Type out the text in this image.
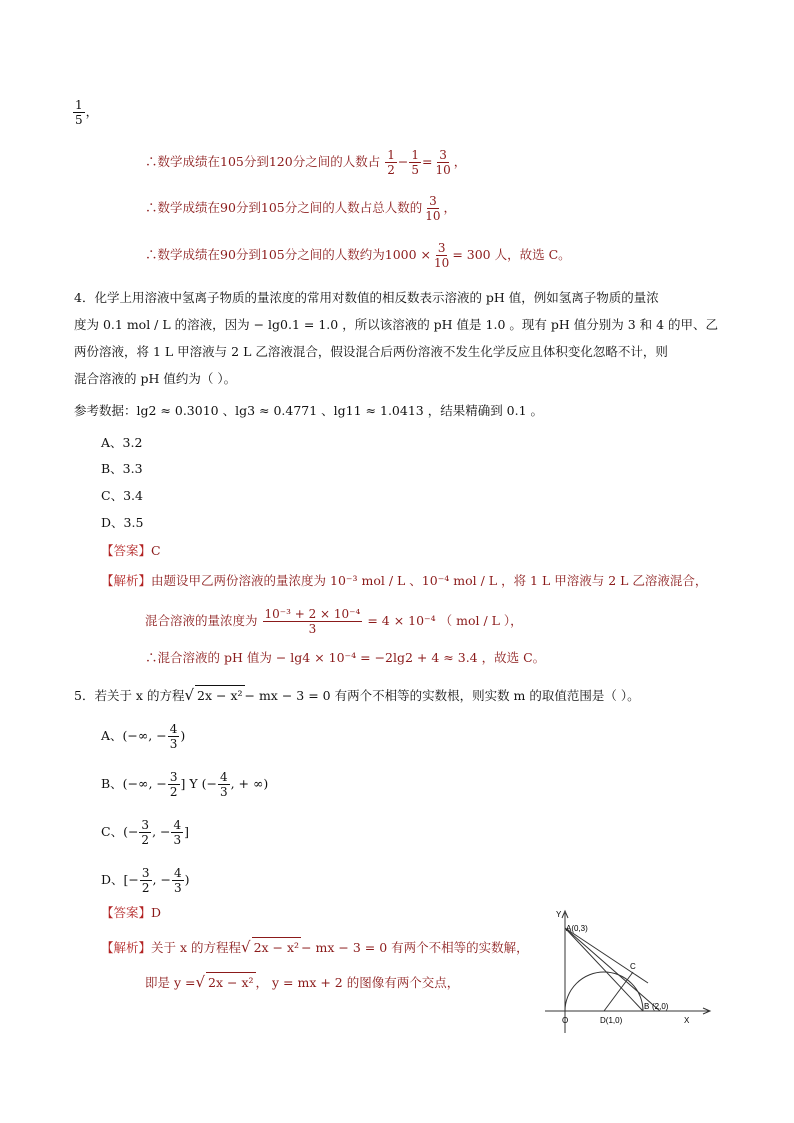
$\frac{1}{5}$ ，
∴数学成绩在105分到120分之间的人数占 $\frac{1}{2} - \frac{1}{5} = \frac{3}{10}$ ，
∴数学成绩在90分到105分之间的人数占总人数的 $\frac{3}{10}$ ，
∴数学成绩在90分到105分之间的人数约为$1000 \times \frac{3}{10} = 300$ 人，故选 C。
4．化学上用溶液中氢离子物质的量浓度的常用对数值的相反数表示溶液的 pH 值，例如氢离子物质的量浓
度为 0.1 mol / L 的溶液，因为 − lg0.1 = 1.0 ，所以该溶液的 pH 值是 1.0 。现有 pH 值分别为 3 和 4 的甲、乙
两份溶液，将 1 L 甲溶液与 2 L 乙溶液混合，假设混合后两份溶液不发生化学反应且体积变化忽略不计，则
混合溶液的 pH 值约为（ ）。
参考数据：lg2 ≈ 0.3010 、lg3 ≈ 0.4771 、lg11 ≈ 1.0413 ，结果精确到 0.1 。
A、3.2
B、3.3
C、3.4
D、3.5
【答案】C
【解析】由题设甲乙两份溶液的量浓度为 10⁻³ mol / L 、10⁻⁴ mol / L ，将 1 L 甲溶液与 2 L 乙溶液混合，
混合溶液的量浓度为 $\frac{\text{10⁻³ + 2 × 10⁻⁴}}{3} = 4 \times 10^{-4}$ （ mol / L ），
∴混合溶液的 pH 值为 − lg4 × 10⁻⁴ = −2lg2 + 4 ≈ 3.4 ，故选 C。
5．若关于 x 的方程√ 2x − x² − mx − 3 = 0 有两个不相等的实数根，则实数 m 的取值范围是（ ）。
A、(−∞, − $\frac{4}{3}$ )
B、(−∞, − $\frac{3}{2}$ ] Y (− $\frac{4}{3}$ , + ∞)
C、(− $\frac{3}{2}$ , − $\frac{4}{3}$ ]
D、[− $\frac{3}{2}$ , − $\frac{4}{3}$ )
【答案】D
【解析】关于 x 的方程程√ 2x − x² − mx − 3 = 0 有两个不相等的实数解，
即是 y =√ 2x − x² ， y = mx + 2 的图像有两个交点，
Y
A(0,3)
C
B (2,0)
O	D(1,0)	X
